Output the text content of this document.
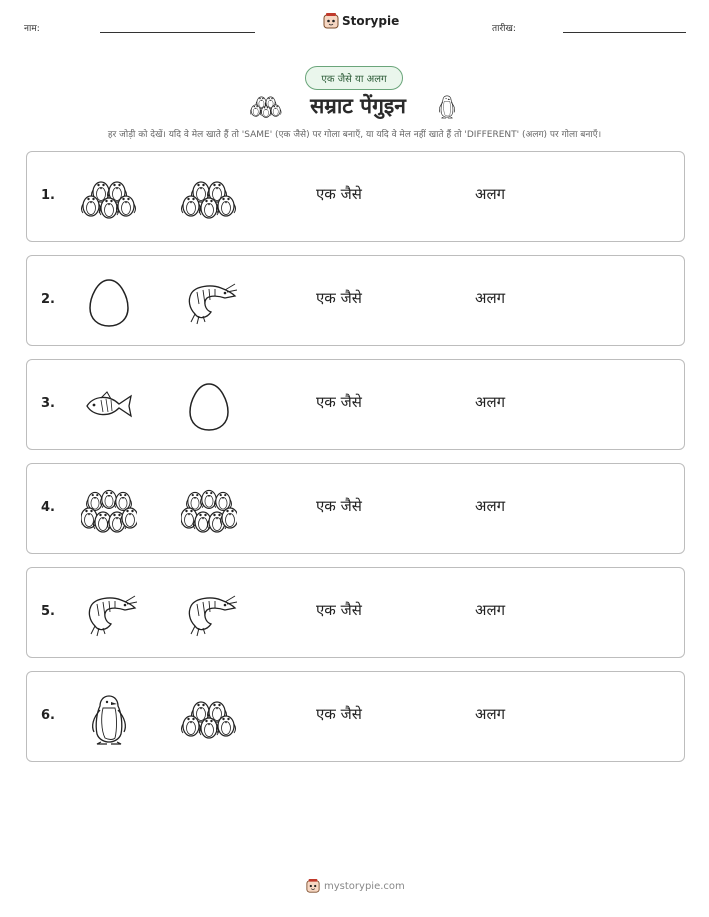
नाम:
Storypie
तारीख:
एक जैसे या अलग
सम्राट पेंगुइन
हर जोड़ी को देखें। यदि वे मेल खाते हैं तो 'SAME' (एक जैसे) पर गोला बनाएँ, या यदि वे मेल नहीं खाते हैं तो 'DIFFERENT' (अलग) पर गोला बनाएँ।
1.	एक जैसे	अलग
2.	एक जैसे	अलग
3.	एक जैसे	अलग
4.	एक जैसे	अलग
5.	एक जैसे	अलग
6.	एक जैसे	अलग
mystorypie.com
